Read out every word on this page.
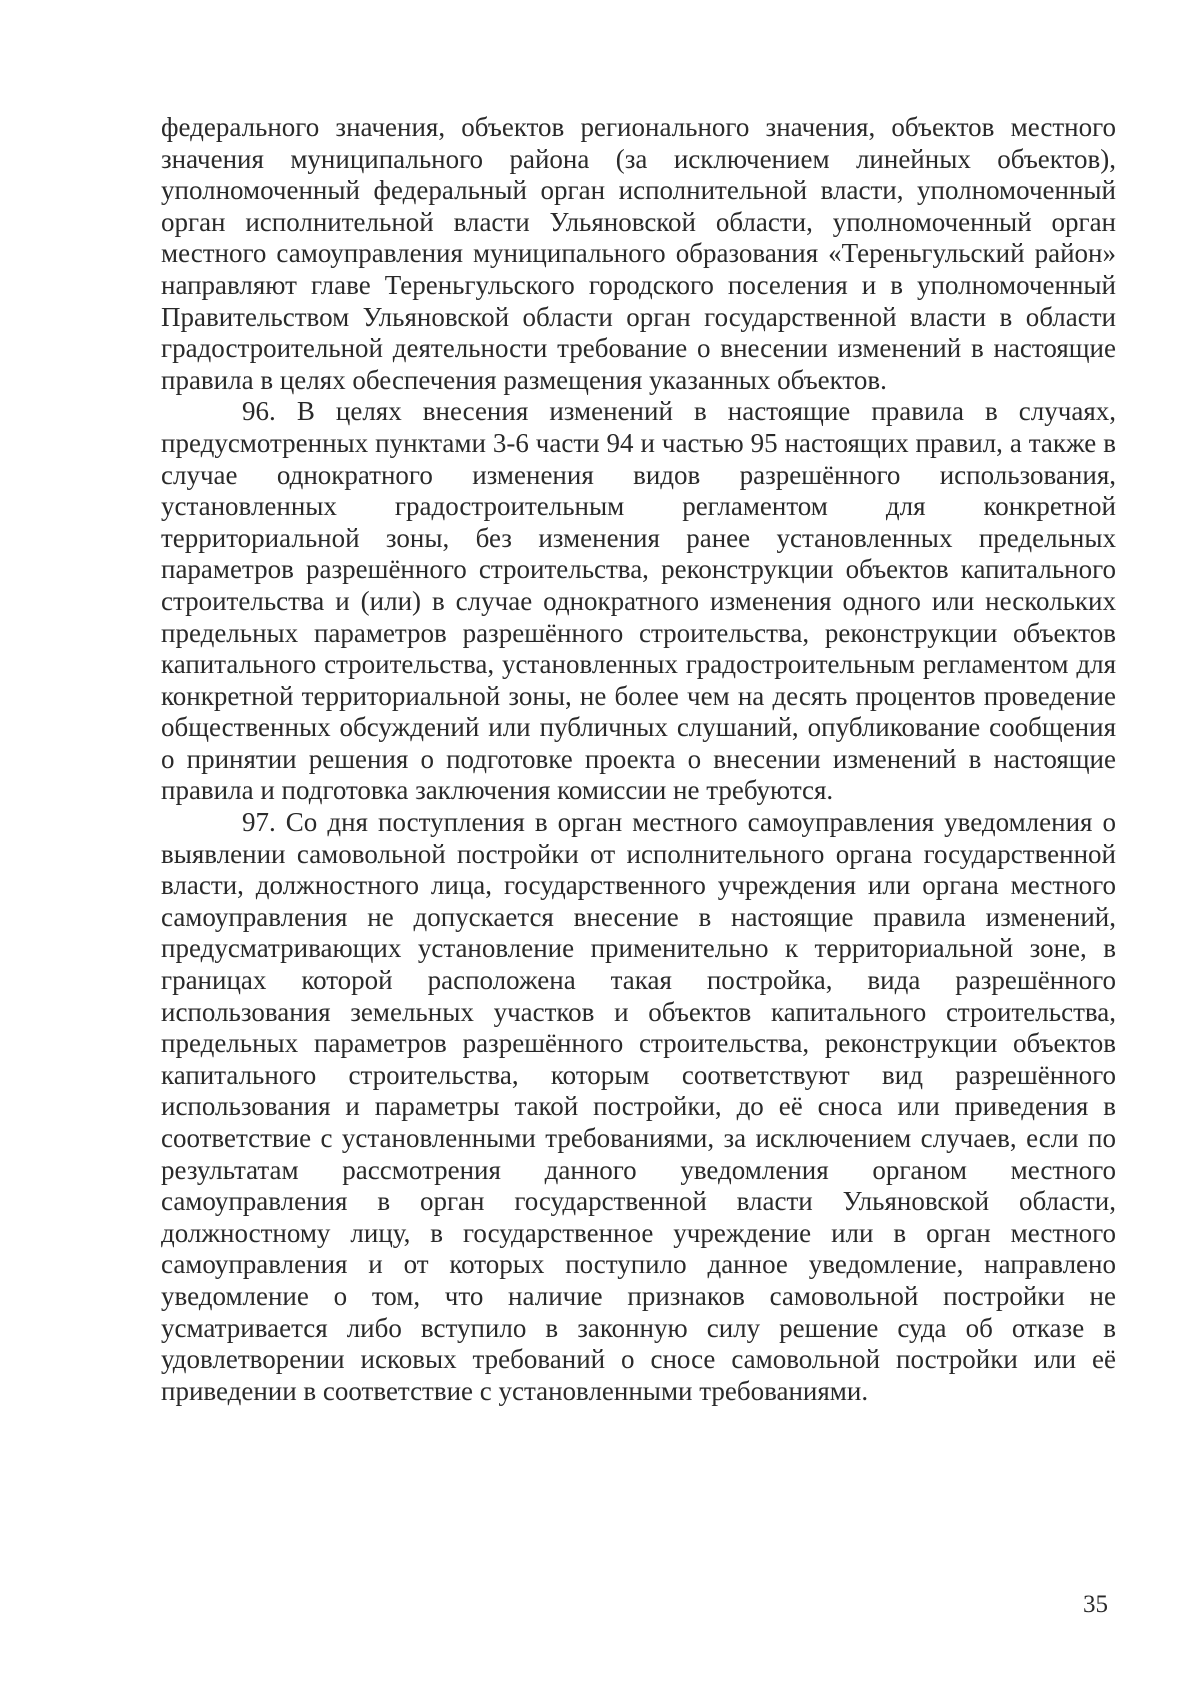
федерального значения, объектов регионального значения, объектов местного значения муниципального района (за исключением линейных объектов), уполномоченный федеральный орган исполнительной власти, уполномоченный орган исполнительной власти Ульяновской области, уполномоченный орган местного самоуправления муниципального образования «Тереньгульский район» направляют главе Тереньгульского городского поселения и в уполномоченный Правительством Ульяновской области орган государственной власти в области градостроительной деятельности требование о внесении изменений в настоящие правила в целях обеспечения размещения указанных объектов.

96. В целях внесения изменений в настоящие правила в случаях, предусмотренных пунктами 3-6 части 94 и частью 95 настоящих правил, а также в случае однократного изменения видов разрешённого использования, установленных градостроительным регламентом для конкретной территориальной зоны, без изменения ранее установленных предельных параметров разрешённого строительства, реконструкции объектов капитального строительства и (или) в случае однократного изменения одного или нескольких предельных параметров разрешённого строительства, реконструкции объектов капитального строительства, установленных градостроительным регламентом для конкретной территориальной зоны, не более чем на десять процентов проведение общественных обсуждений или публичных слушаний, опубликование сообщения о принятии решения о подготовке проекта о внесении изменений в настоящие правила и подготовка заключения комиссии не требуются.

97. Со дня поступления в орган местного самоуправления уведомления о выявлении самовольной постройки от исполнительного органа государственной власти, должностного лица, государственного учреждения или органа местного самоуправления не допускается внесение в настоящие правила изменений, предусматривающих установление применительно к территориальной зоне, в границах которой расположена такая постройка, вида разрешённого использования земельных участков и объектов капитального строительства, предельных параметров разрешённого строительства, реконструкции объектов капитального строительства, которым соответствуют вид разрешённого использования и параметры такой постройки, до её сноса или приведения в соответствие с установленными требованиями, за исключением случаев, если по результатам рассмотрения данного уведомления органом местного самоуправления в орган государственной власти Ульяновской области, должностному лицу, в государственное учреждение или в орган местного самоуправления и от которых поступило данное уведомление, направлено уведомление о том, что наличие признаков самовольной постройки не усматривается либо вступило в законную силу решение суда об отказе в удовлетворении исковых требований о сносе самовольной постройки или её приведении в соответствие с установленными требованиями.

35
